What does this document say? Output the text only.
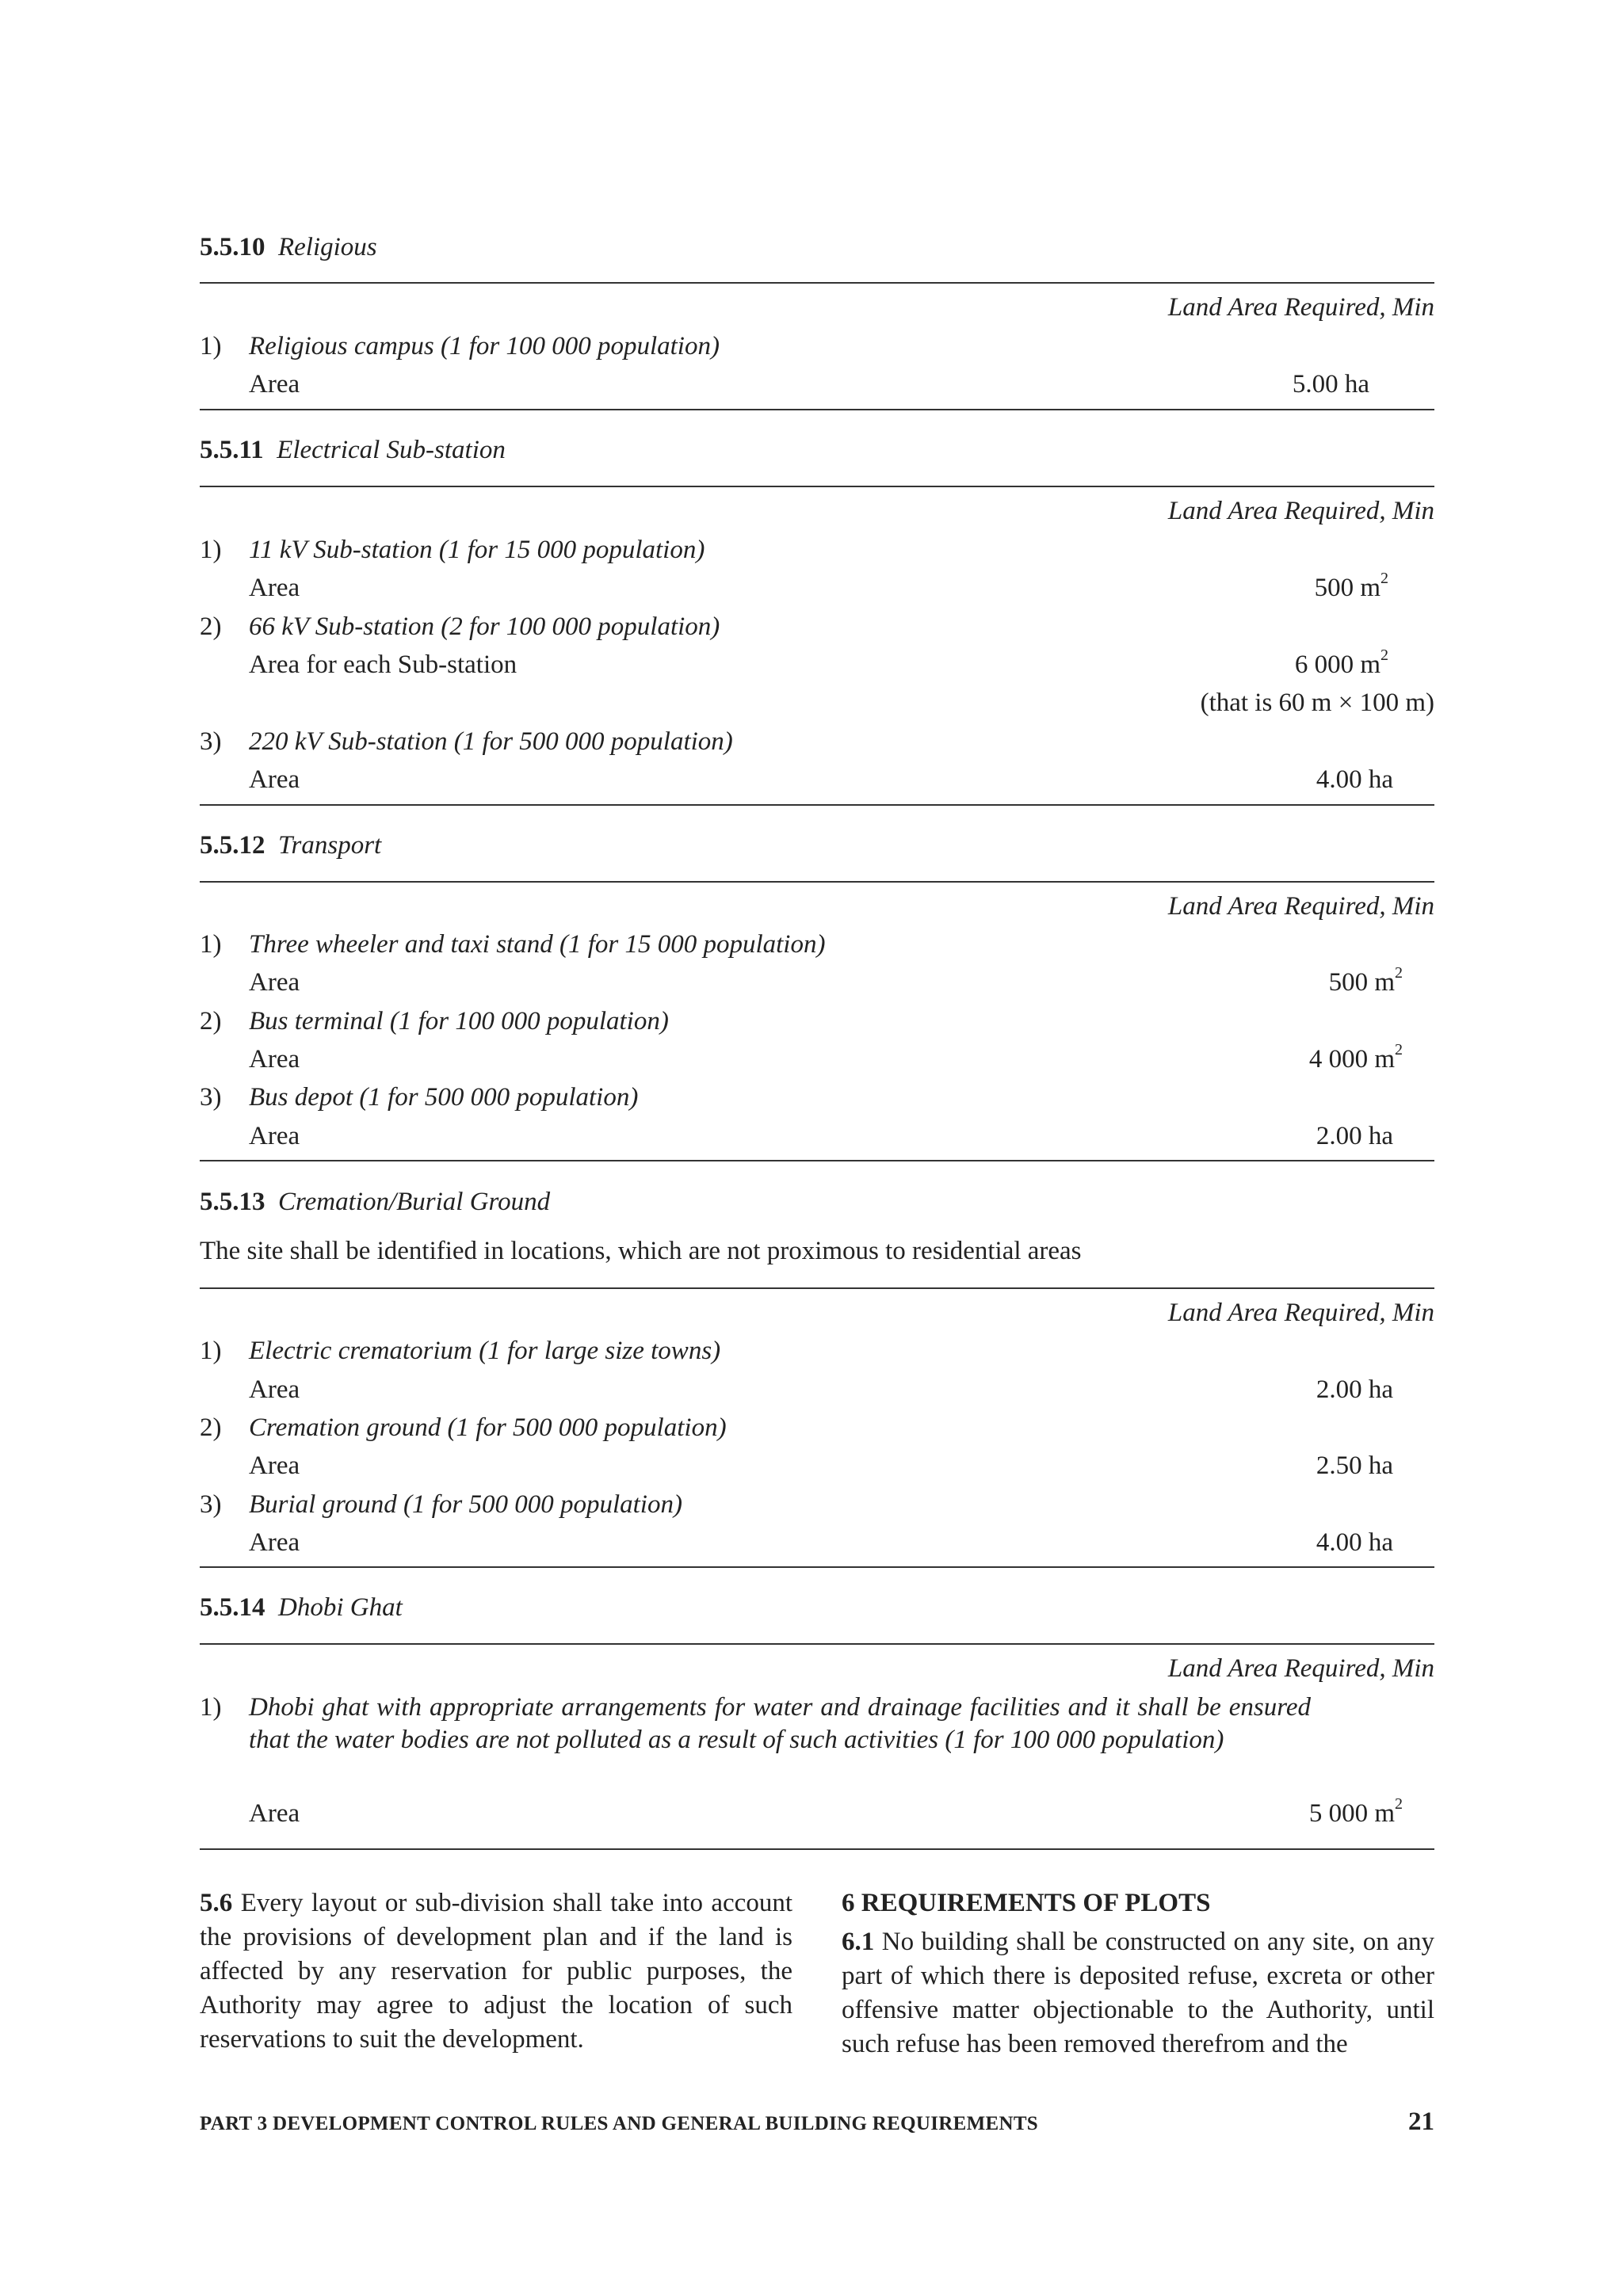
5.5.10 Religious
Land Area Required, Min
1) Religious campus (1 for 100 000 population)
Area	5.00 ha
5.5.11 Electrical Sub-station
Land Area Required, Min
1) 11 kV Sub-station (1 for 15 000 population)
Area	500 $m^2$
2) 66 kV Sub-station (2 for 100 000 population)
Area for each Sub-station	6 000 $m^2$
(that is 60 m × 100 m)
3) 220 kV Sub-station (1 for 500 000 population)
Area	4.00 ha
5.5.12 Transport
Land Area Required, Min
1) Three wheeler and taxi stand (1 for 15 000 population)
Area	500 $m^2$
2) Bus terminal (1 for 100 000 population)
Area	4 000 $m^2$
3) Bus depot (1 for 500 000 population)
Area	2.00 ha
5.5.13 Cremation/Burial Ground
The site shall be identified in locations, which are not proximous to residential areas
Land Area Required, Min
1) Electric crematorium (1 for large size towns)
Area	2.00 ha
2) Cremation ground (1 for 500 000 population)
Area	2.50 ha
3) Burial ground (1 for 500 000 population)
Area	4.00 ha
5.5.14 Dhobi Ghat
Land Area Required, Min
1) Dhobi ghat with appropriate arrangements for water and drainage facilities and it shall be ensured that the water bodies are not polluted as a result of such activities (1 for 100 000 population)
Area	5 000 $m^2$
5.6 Every layout or sub-division shall take into account the provisions of development plan and if the land is affected by any reservation for public purposes, the Authority may agree to adjust the location of such reservations to suit the development.
6 REQUIREMENTS OF PLOTS
6.1 No building shall be constructed on any site, on any part of which there is deposited refuse, excreta or other offensive matter objectionable to the Authority, until such refuse has been removed therefrom and the
PART 3 DEVELOPMENT CONTROL RULES AND GENERAL BUILDING REQUIREMENTS	21
